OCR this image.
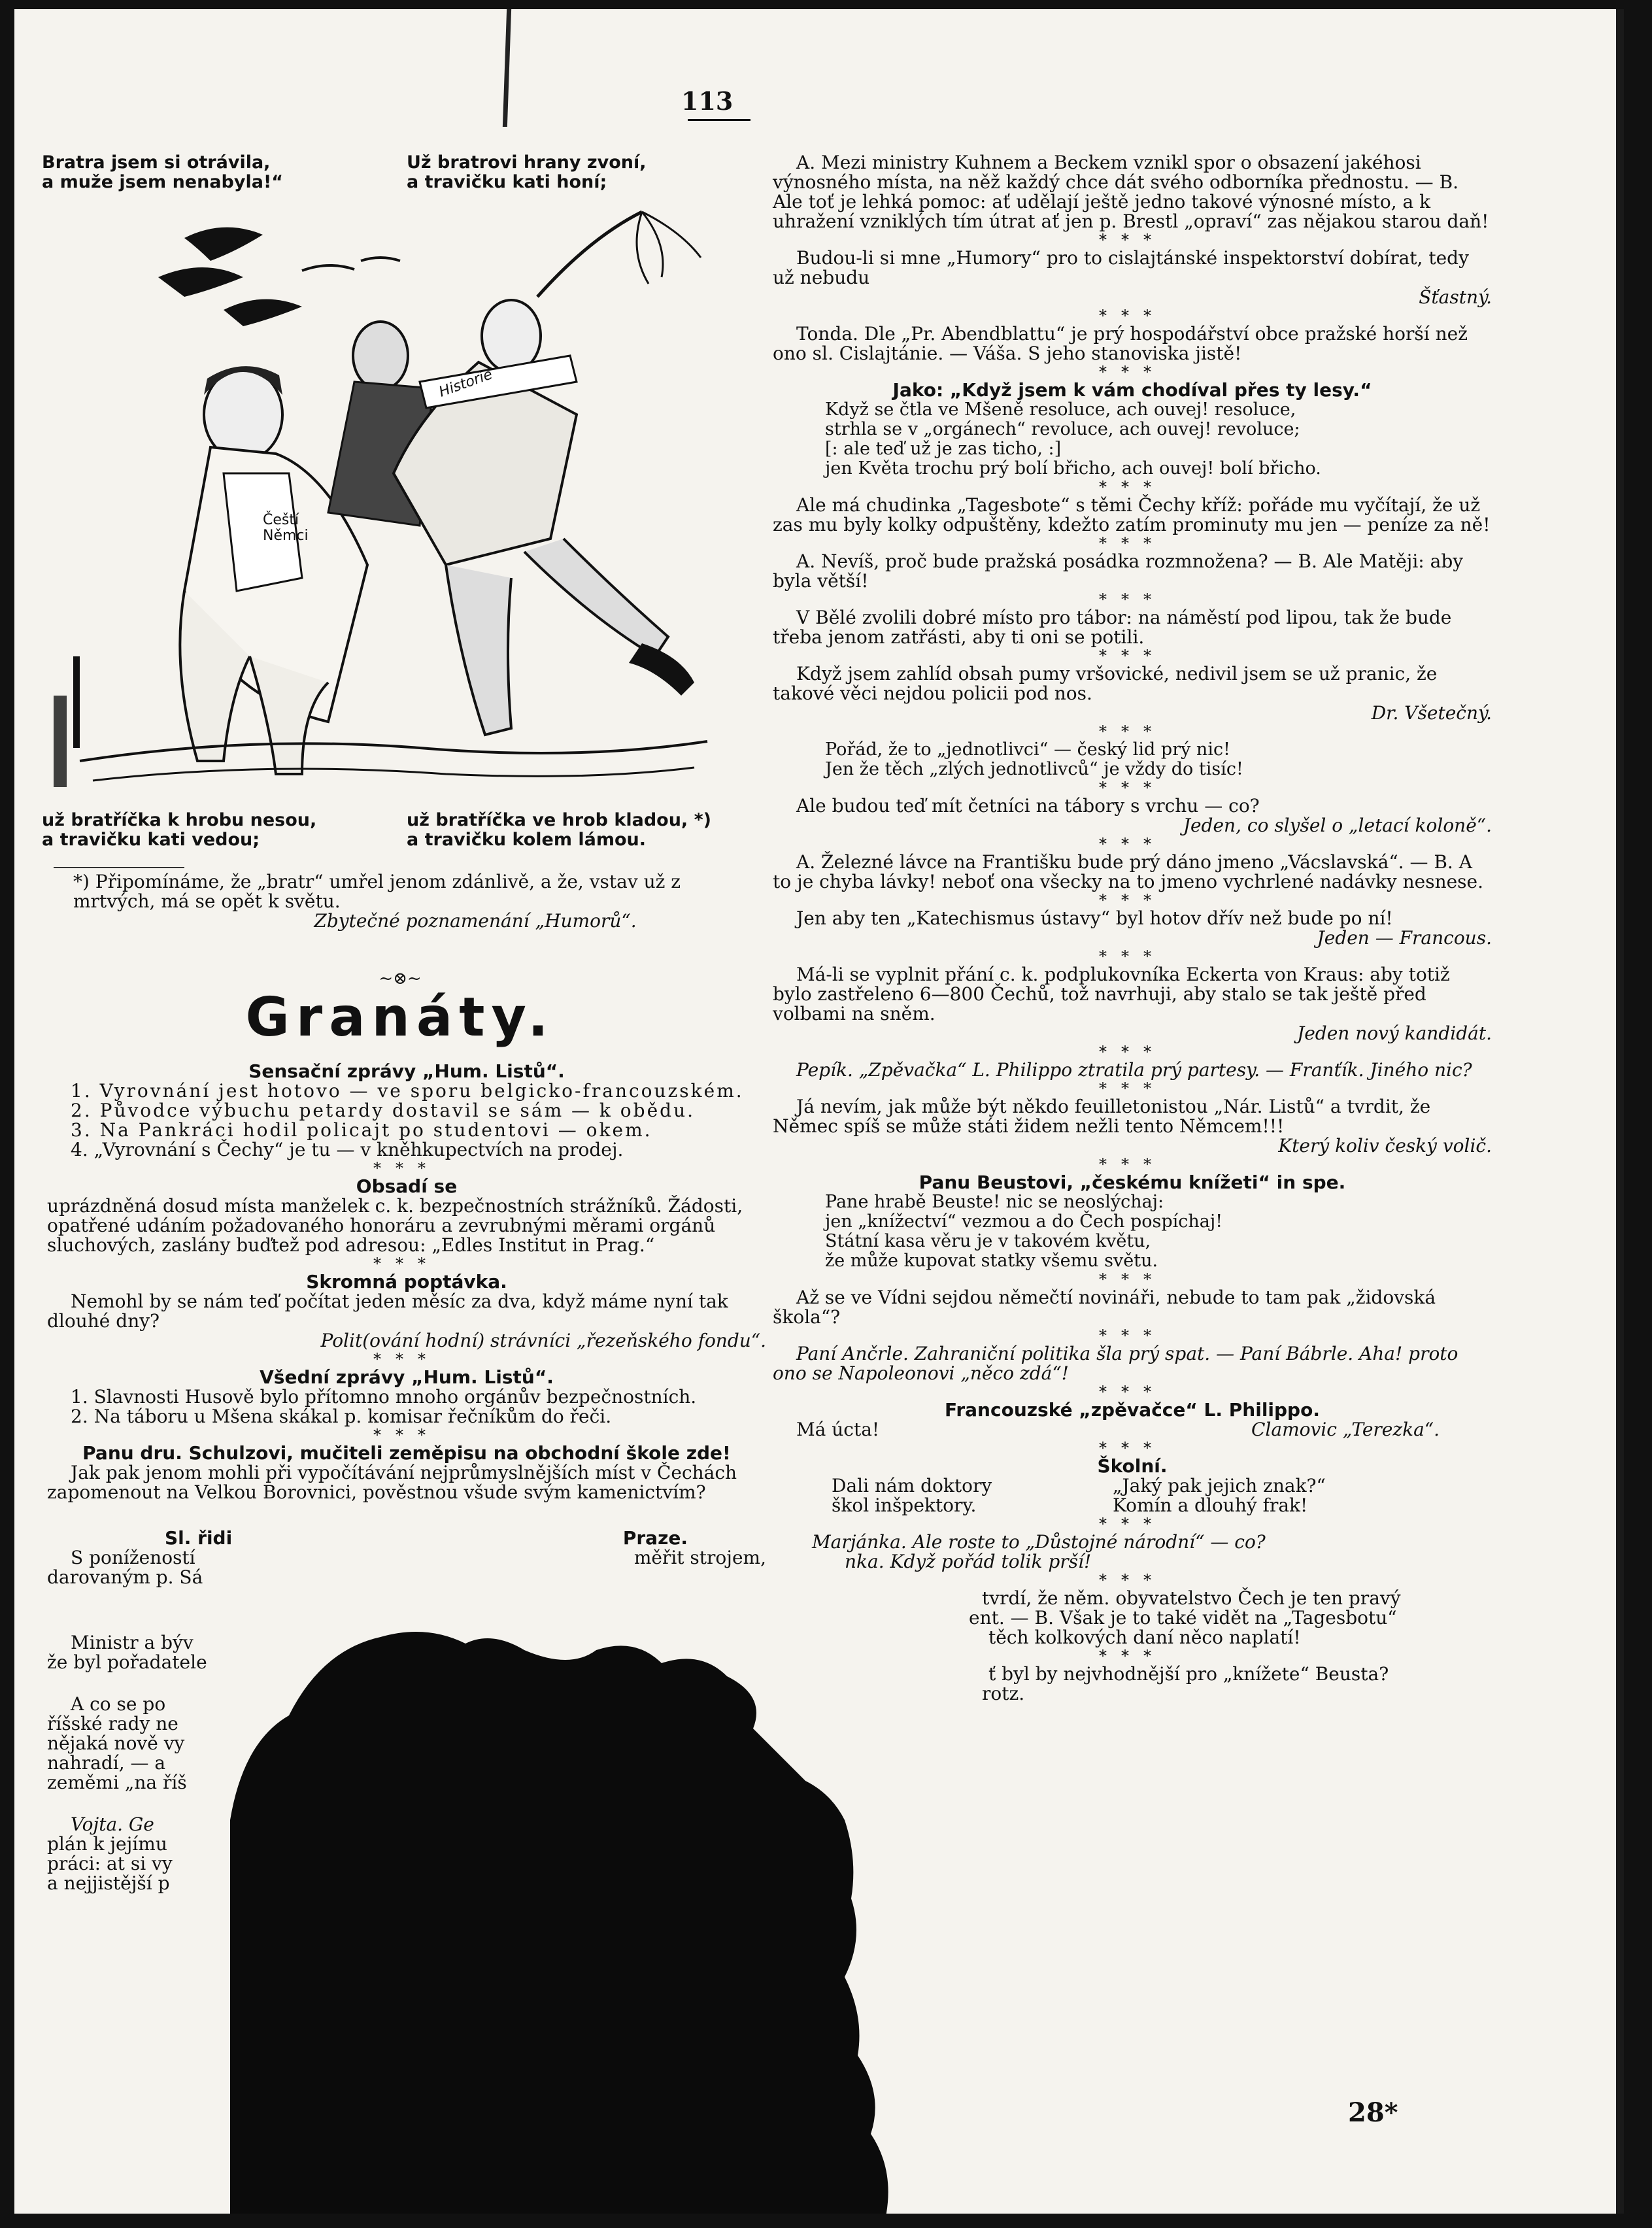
113
Bratra jsem si otrávila,
a muže jsem nenabyla!“
Už bratrovi hrany zvoní,
a travičku kati honí;
Historie
Čeští Němci
už bratříčka k hrobu nesou,
a travičku kati vedou;
už bratříčka ve hrob kladou, *)
a travičku kolem lámou.
*) Připomínáme, že „bratr“ umřel jenom zdánlivě, a že, vstav už z mrtvých, má se opět k světu.
Zbytečné poznamenání „Humorů“.
~⊗~
Granáty.
Sensační zprávy „Hum. Listů“.
1. Vyrovnání jest hotovo — ve sporu belgicko-francouzském.
2. Původce výbuchu petardy dostavil se sám — k obědu.
3. Na Pankráci hodil policajt po studentovi — okem.
4. „Vyrovnání s Čechy“ je tu — v kněhkupectvích na prodej.
***
Obsadí se
uprázdněná dosud místa manželek c. k. bezpečnostních strážníků. Žádosti, opatřené udáním požadovaného honoráru a zevrubnými měrami orgánů sluchových, zaslány buďtež pod adresou: „Edles Institut in Prag.“
***
Skromná poptávka.
Nemohl by se nám teď počítat jeden měsíc za dva, když máme nyní tak dlouhé dny?
Polit(ování hodní) strávníci „řezeňského fondu“.
***
Všední zprávy „Hum. Listů“.
1. Slavnosti Husově bylo přítomno mnoho orgánův bezpečnostních.
2. Na táboru u Mšena skákal p. komisar řečníkům do řeči.
***
Panu dru. Schulzovi, mučiteli zeměpisu na obchodní škole zde!
Jak pak jenom mohli při vypočítávání nejprůmyslnějších míst v Čechách zapomenout na Velkou Borovnici, pověstnou všude svým kamenictvím?
Sl. řidi	Praze.
S ponížeností	měřit strojem,
darovaným p. Sá
Ministr a býv
že byl pořadatele
A co se po
říšské rady ne
nějaká nově vy
nahradí, — a
zeměmi „na říš
Vojta. Ge
plán k jejímu
práci: at si vy
a nejjistější p
A. Mezi ministry Kuhnem a Beckem vznikl spor o obsazení jakéhosi výnosného místa, na něž každý chce dát svého odborníka přednostu. — B. Ale toť je lehká pomoc: ať udělají ještě jedno takové výnosné místo, a k uhražení vzniklých tím útrat ať jen p. Brestl „opraví“ zas nějakou starou daň!
***
Budou-li si mne „Humory“ pro to cislajtánské inspektorství dobírat, tedy už nebudu
Šťastný.
***
Tonda. Dle „Pr. Abendblattu“ je prý hospodářství obce pražské horší než ono sl. Cislajtánie. — Váša. S jeho stanoviska jistě!
***
Jako: „Když jsem k vám chodíval přes ty lesy.“
Když se čtla ve Mšeně resoluce, ach ouvej! resoluce,
strhla se v „orgánech“ revoluce, ach ouvej! revoluce;
[: ale teď už je zas ticho, :]
jen Květa trochu prý bolí břicho, ach ouvej! bolí břicho.
***
Ale má chudinka „Tagesbote“ s těmi Čechy kříž: pořáde mu vyčítají, že už zas mu byly kolky odpuštěny, kdežto zatím prominuty mu jen — peníze za ně!
***
A. Nevíš, proč bude pražská posádka rozmnožena? — B. Ale Matěji: aby byla větší!
***
V Bělé zvolili dobré místo pro tábor: na náměstí pod lipou, tak že bude třeba jenom zatřásti, aby ti oni se potili.
***
Když jsem zahlíd obsah pumy vršovické, nedivil jsem se už pranic, že takové věci nejdou policii pod nos.
Dr. Všetečný.
***
Pořád, že to „jednotlivci“ — český lid prý nic!
Jen že těch „zlých jednotlivců“ je vždy do tisíc!
***
Ale budou teď mít četníci na tábory s vrchu — co?
Jeden, co slyšel o „letací koloně“.
***
A. Železné lávce na Františku bude prý dáno jmeno „Vácslavská“. — B. A to je chyba lávky! neboť ona všecky na to jmeno vychrlené nadávky nesnese.
***
Jen aby ten „Katechismus ústavy“ byl hotov dřív než bude po ní!
Jeden — Francous.
***
Má-li se vyplnit přání c. k. podplukovníka Eckerta von Kraus: aby totiž bylo zastřeleno 6—800 Čechů, tož navrhuji, aby stalo se tak ještě před volbami na sněm.
Jeden nový kandidát.
***
Pepík. „Zpěvačka“ L. Philippo ztratila prý partesy. — Franťík. Jiného nic?
***
Já nevím, jak může být někdo feuilletonistou „Nár. Listů“ a tvrdit, že Němec spíš se může státi židem nežli tento Němcem!!!
Který koliv český volič.
***
Panu Beustovi, „českému knížeti“ in spe.
Pane hrabě Beuste! nic se neoslýchaj:
jen „knížectví“ vezmou a do Čech pospíchaj!
Státní kasa věru je v takovém květu,
že může kupovat statky všemu světu.
***
Až se ve Vídni sejdou němečtí novináři, nebude to tam pak „židovská škola“?
***
Paní Ančrle. Zahraniční politika šla prý spat. — Paní Bábrle. Aha! proto ono se Napoleonovi „něco zdá“!
***
Francouzské „zpěvačce“ L. Philippo.
Má úcta!	Clamovic „Terezka“.
***
Školní.
Dali nám doktory	„Jaký pak jejich znak?“
škol inšpektory.	Komín a dlouhý frak!
***
Marjánka. Ale roste to „Důstojné národní“ — co?
nka. Když pořád tolik prší!
***
tvrdí, že něm. obyvatelstvo Čech je ten pravý
ent. — B. Však je to také vidět na „Tagesbotu“
těch kolkových daní něco naplatí!
***
ť byl by nejvhodnější pro „knížete“ Beusta?
rotz.
28*
